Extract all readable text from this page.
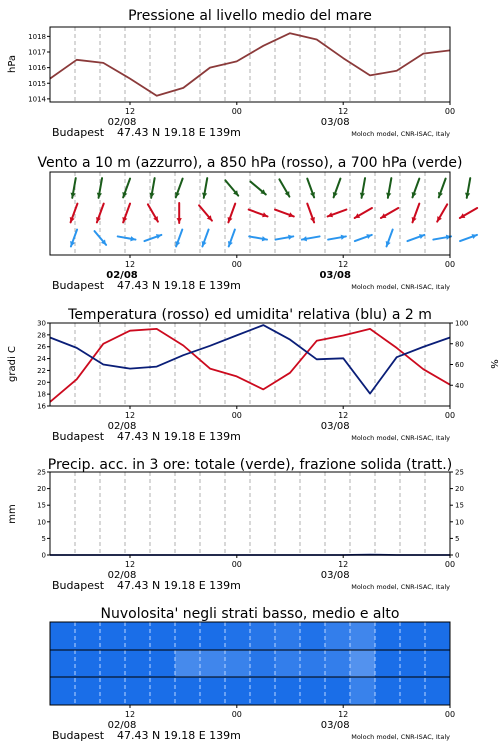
Pressione al livello medio del mare
hPa
1014
1015
1016
1017
1018
12	00	12	00
02/08	03/08
Budapest 47.43 N 19.18 E 139m	Moloch model, CNR-ISAC, Italy
Vento a 10 m (azzurro), a 850 hPa (rosso), a 700 hPa (verde)
12	00	12	00
02/08	03/08
Budapest 47.43 N 19.18 E 139m	Moloch model, CNR-ISAC, Italy
Temperatura (rosso) ed umidita' relativa (blu) a 2 m
gradi C	%
16
18
20
22
24
26
28
30
40
60
80
100
12	00	12	00
02/08	03/08
Budapest 47.43 N 19.18 E 139m	Moloch model, CNR-ISAC, Italy
Precip. acc. in 3 ore: totale (verde), frazione solida (tratt.)
mm
0
5
10
15
20
25
0
5
10
15
20
25
12	00	12	00
02/08	03/08
Budapest 47.43 N 19.18 E 139m	Moloch model, CNR-ISAC, Italy
Nuvolosita' negli strati basso, medio e alto
12	00	12	00
02/08	03/08
Budapest 47.43 N 19.18 E 139m	Moloch model, CNR-ISAC, Italy
